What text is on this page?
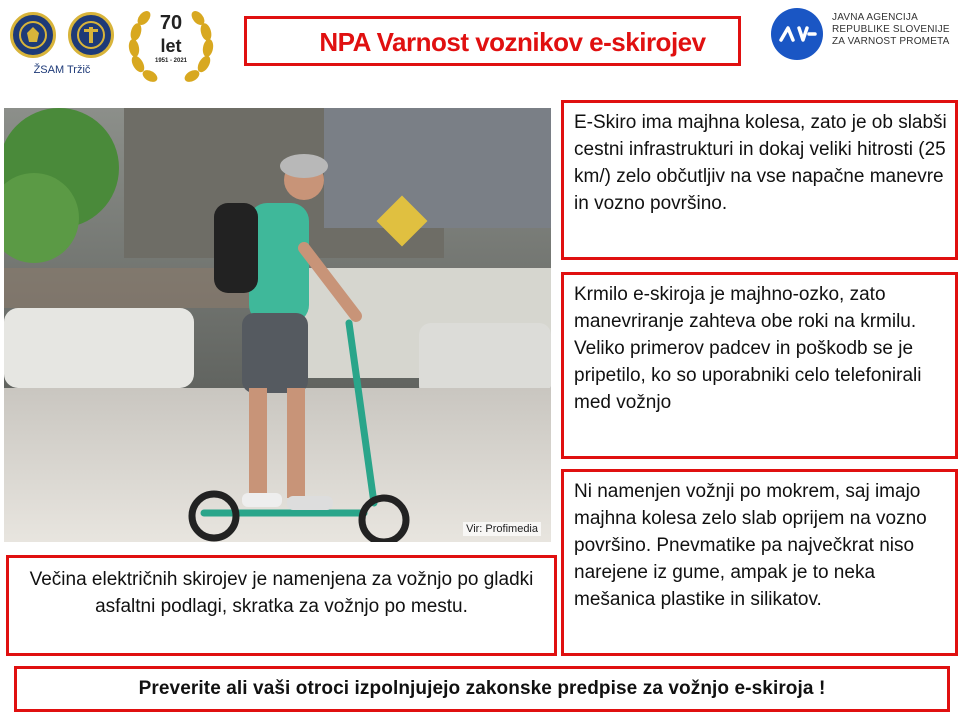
ŽSAM Tržič
70
let
1951 - 2021
NPA Varnost voznikov e-skirojev
JAVNA AGENCIJA
REPUBLIKE SLOVENIJE
ZA VARNOST PROMETA
Vir: Profimedia
E-Skiro ima majhna kolesa, zato je ob slabši cestni infrastrukturi in dokaj veliki hitrosti (25 km/) zelo občutljiv na vse napačne manevre in vozno površino.
Krmilo e-skiroja je majhno-ozko, zato manevriranje zahteva obe roki na krmilu. Veliko primerov padcev in poškodb se je pripetilo, ko so uporabniki celo telefonirali med vožnjo
Ni namenjen vožnji po mokrem, saj imajo majhna kolesa zelo slab oprijem na vozno površino. Pnevmatike pa največkrat niso narejene iz gume, ampak je to neka mešanica plastike in silikatov.
Večina električnih skirojev je namenjena za vožnjo po gladki asfaltni podlagi, skratka za vožnjo po mestu.
Preverite ali vaši otroci izpolnjujejo zakonske predpise za vožnjo e-skiroja !
